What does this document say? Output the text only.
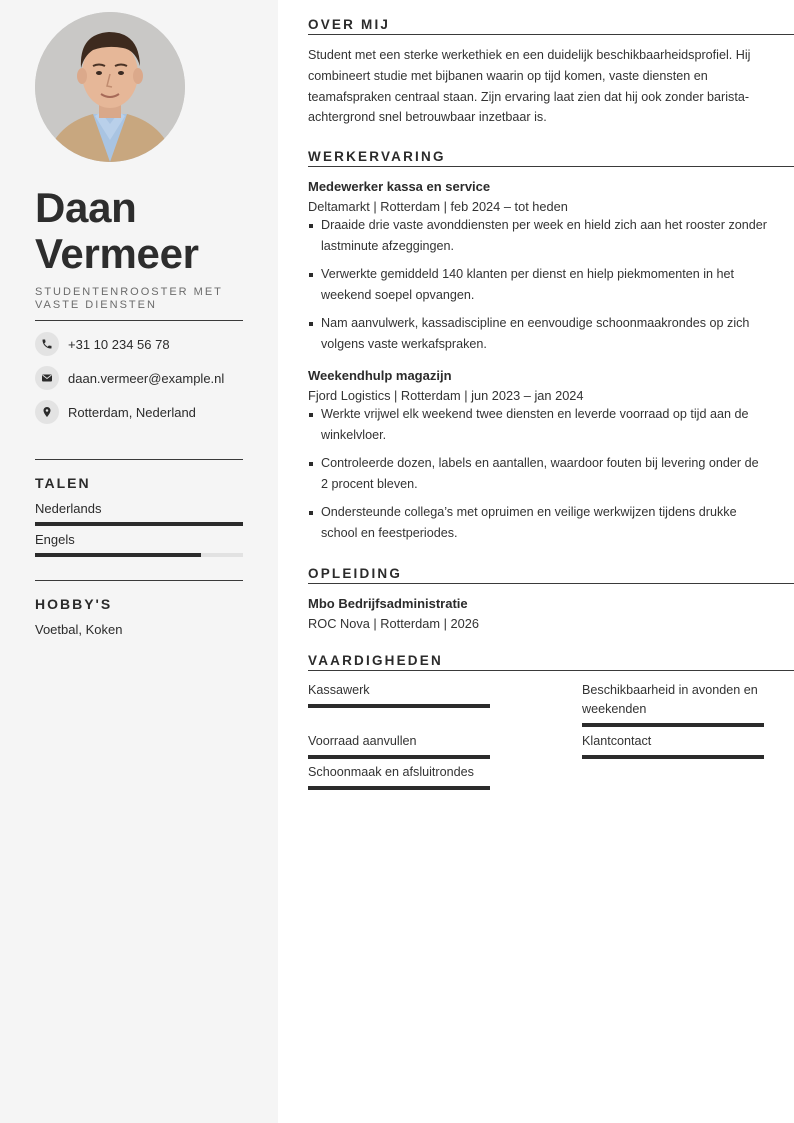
Daan
Vermeer
STUDENTENROOSTER MET VASTE DIENSTEN
+31 10 234 56 78
daan.vermeer@example.nl
Rotterdam, Nederland
TALEN
Nederlands
Engels
HOBBY'S
Voetbal, Koken
OVER MIJ
Student met een sterke werkethiek en een duidelijk beschikbaarheidsprofiel. Hij combineert studie met bijbanen waarin op tijd komen, vaste diensten en teamafspraken centraal staan. Zijn ervaring laat zien dat hij ook zonder barista-achtergrond snel betrouwbaar inzetbaar is.
WERKERVARING
Medewerker kassa en service
Deltamarkt | Rotterdam | feb 2024 – tot heden
Draaide drie vaste avonddiensten per week en hield zich aan het rooster zonder lastminute afzeggingen.
Verwerkte gemiddeld 140 klanten per dienst en hielp piekmomenten in het weekend soepel opvangen.
Nam aanvulwerk, kassadiscipline en eenvoudige schoonmaakrondes op zich volgens vaste werkafspraken.
Weekendhulp magazijn
Fjord Logistics | Rotterdam | jun 2023 – jan 2024
Werkte vrijwel elk weekend twee diensten en leverde voorraad op tijd aan de winkelvloer.
Controleerde dozen, labels en aantallen, waardoor fouten bij levering onder de 2 procent bleven.
Ondersteunde collega’s met opruimen en veilige werkwijzen tijdens drukke school en feestperiodes.
OPLEIDING
Mbo Bedrijfsadministratie
ROC Nova | Rotterdam | 2026
VAARDIGHEDEN
Kassawerk	Beschikbaarheid in avonden en weekenden
Voorraad aanvullen	Klantcontact
Schoonmaak en afsluitrondes
